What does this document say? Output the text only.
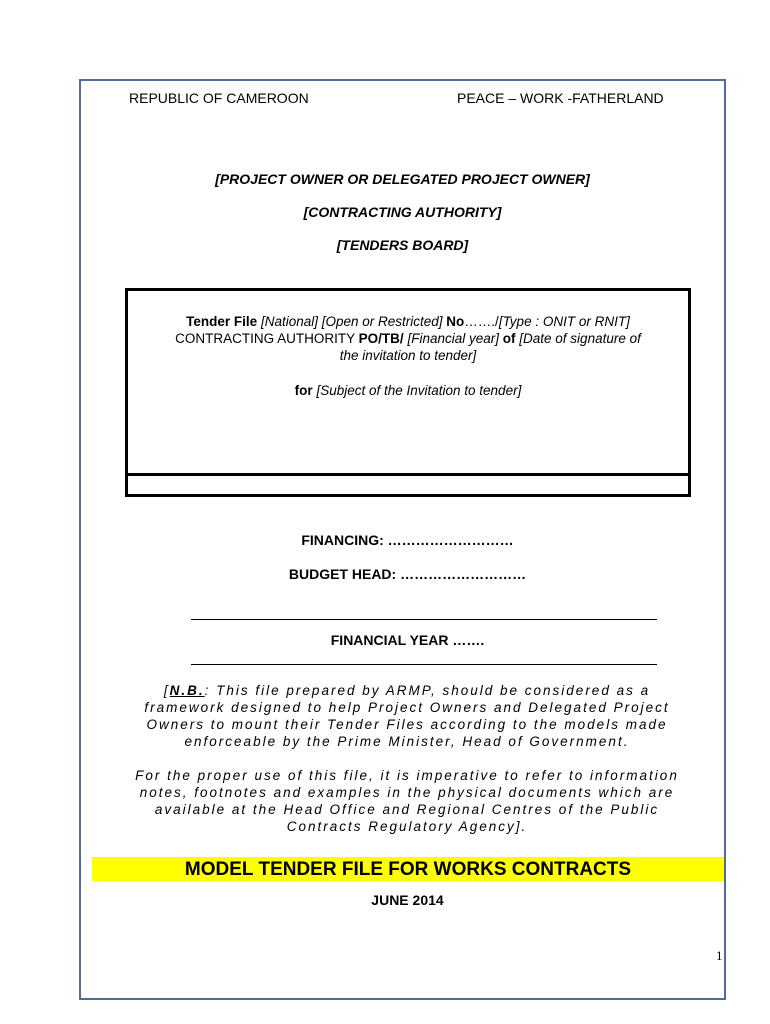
REPUBLIC OF CAMEROON	PEACE – WORK -FATHERLAND
[PROJECT OWNER OR DELEGATED PROJECT OWNER]
[CONTRACTING AUTHORITY]
[TENDERS BOARD]
Tender File [National] [Open or Restricted] No……./[Type : ONIT or RNIT]
CONTRACTING AUTHORITY PO/TB/ [Financial year] of [Date of signature of
the invitation to tender]
for [Subject of the Invitation to tender]
FINANCING: ………………………
BUDGET HEAD: ………………………
FINANCIAL YEAR …….
[N.B.: This file prepared by ARMP, should be considered as a
framework designed to help Project Owners and Delegated Project
Owners to mount their Tender Files according to the models made
enforceable by the Prime Minister, Head of Government.
For the proper use of this file, it is imperative to refer to information
notes, footnotes and examples in the physical documents which are
available at the Head Office and Regional Centres of the Public
Contracts Regulatory Agency].
MODEL TENDER FILE FOR WORKS CONTRACTS
JUNE 2014
1
